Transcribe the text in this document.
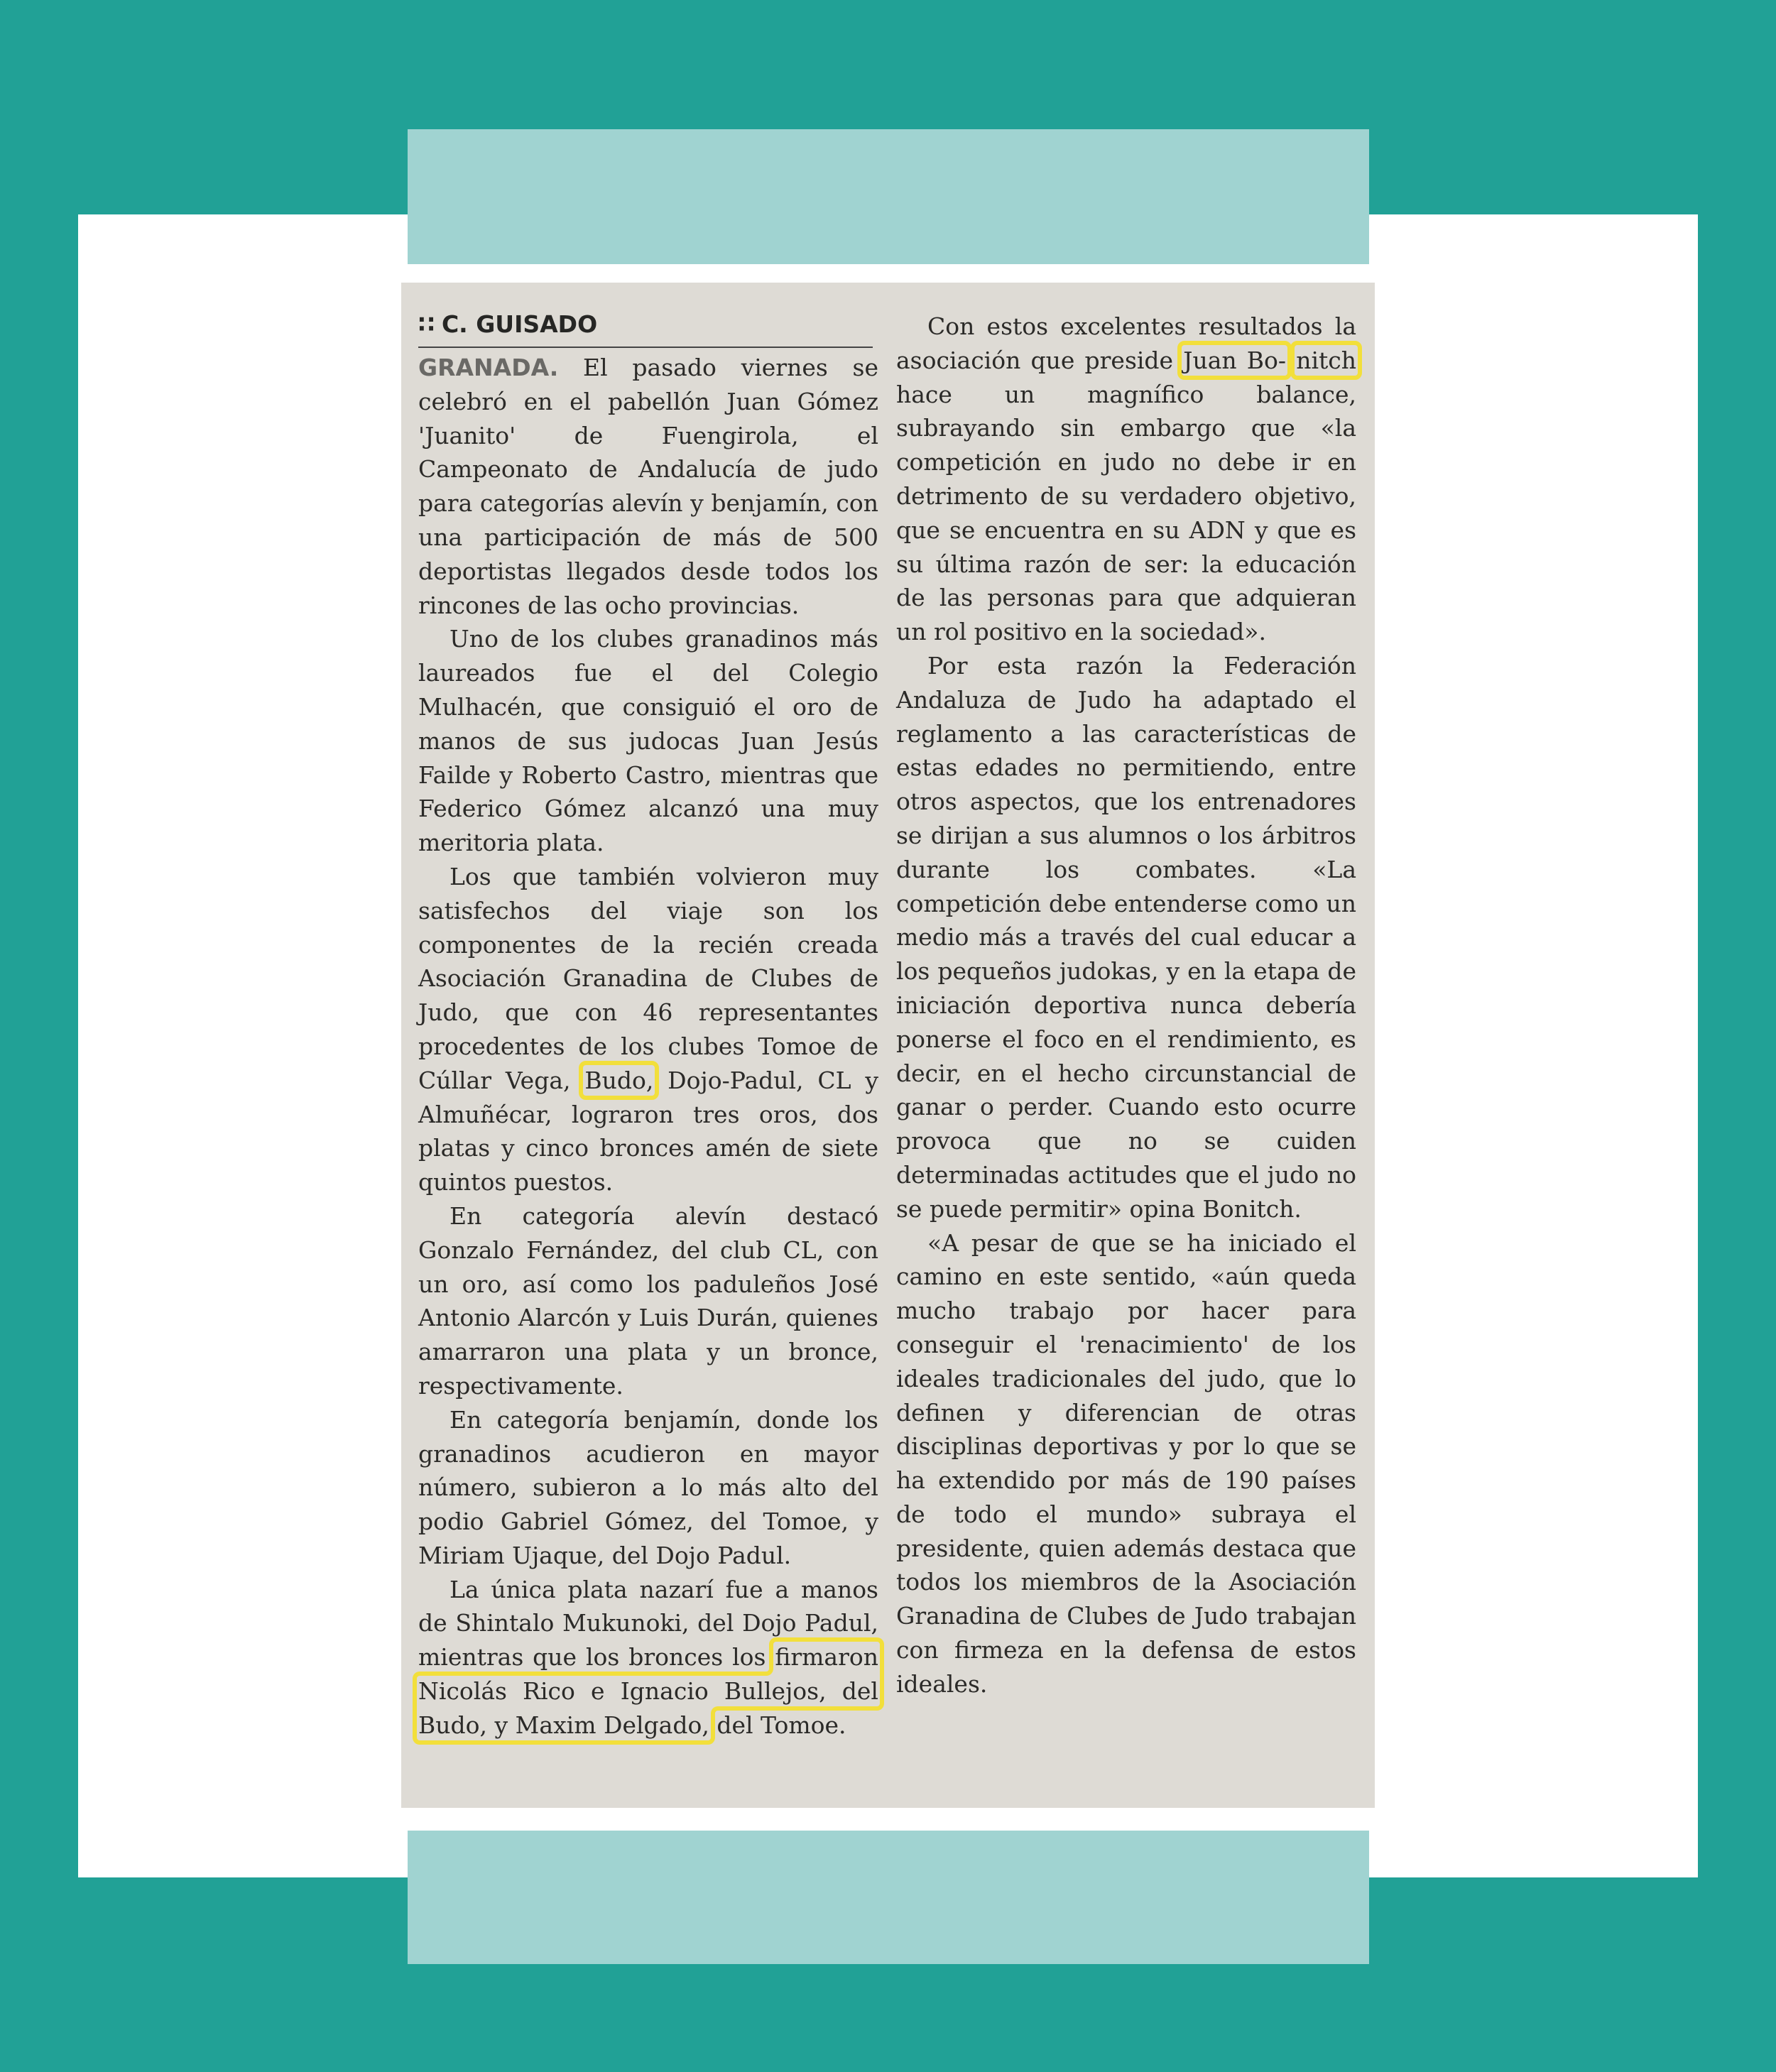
∷ C. GUISADO

GRANADA. El pasado viernes se celebró en el pabellón Juan Gómez 'Juanito' de Fuengirola, el Campeonato de Andalucía de judo para categorías alevín y benjamín, con una participación de más de 500 deportistas llegados desde todos los rincones de las ocho provincias.

Uno de los clubes granadinos más laureados fue el del Colegio Mulhacén, que consiguió el oro de manos de sus judocas Juan Jesús Failde y Roberto Castro, mientras que Federico Gómez alcanzó una muy meritoria plata.

Los que también volvieron muy satisfechos del viaje son los componentes de la recién creada Asociación Granadina de Clubes de Judo, que con 46 representantes procedentes de los clubes Tomoe de Cúllar Vega, Budo, Dojo-Padul, CL y Almuñécar, lograron tres oros, dos platas y cinco bronces amén de siete quintos puestos.

En categoría alevín destacó Gonzalo Fernández, del club CL, con un oro, así como los paduleños José Antonio Alarcón y Luis Durán, quienes amarraron una plata y un bronce, respectivamente.

En categoría benjamín, donde los granadinos acudieron en mayor número, subieron a lo más alto del podio Gabriel Gómez, del Tomoe, y Miriam Ujaque, del Dojo Padul.

La única plata nazarí fue a manos de Shintalo Mukunoki, del Dojo Padul, mientras que los bronces los firmaron Nicolás Rico e Ignacio Bullejos, del Budo, y Maxim Delgado, del Tomoe.

Con estos excelentes resultados la asociación que preside Juan Bo- nitch hace un magnífico balance, subrayando sin embargo que «la competición en judo no debe ir en detrimento de su verdadero objetivo, que se encuentra en su ADN y que es su última razón de ser: la educación de las personas para que adquieran un rol positivo en la sociedad».

Por esta razón la Federación Andaluza de Judo ha adaptado el reglamento a las características de estas edades no permitiendo, entre otros aspectos, que los entrenadores se dirijan a sus alumnos o los árbitros durante los combates. «La competición debe entenderse como un medio más a través del cual educar a los pequeños judokas, y en la etapa de iniciación deportiva nunca debería ponerse el foco en el rendimiento, es decir, en el hecho circunstancial de ganar o perder. Cuando esto ocurre provoca que no se cuiden determinadas actitudes que el judo no se puede permitir» opina Bonitch.

«A pesar de que se ha iniciado el camino en este sentido, «aún queda mucho trabajo por hacer para conseguir el 'renacimiento' de los ideales tradicionales del judo, que lo definen y diferencian de otras disciplinas deportivas y por lo que se ha extendido por más de 190 países de todo el mundo» subraya el presidente, quien además destaca que todos los miembros de la Asociación Granadina de Clubes de Judo trabajan con firmeza en la defensa de estos ideales.
